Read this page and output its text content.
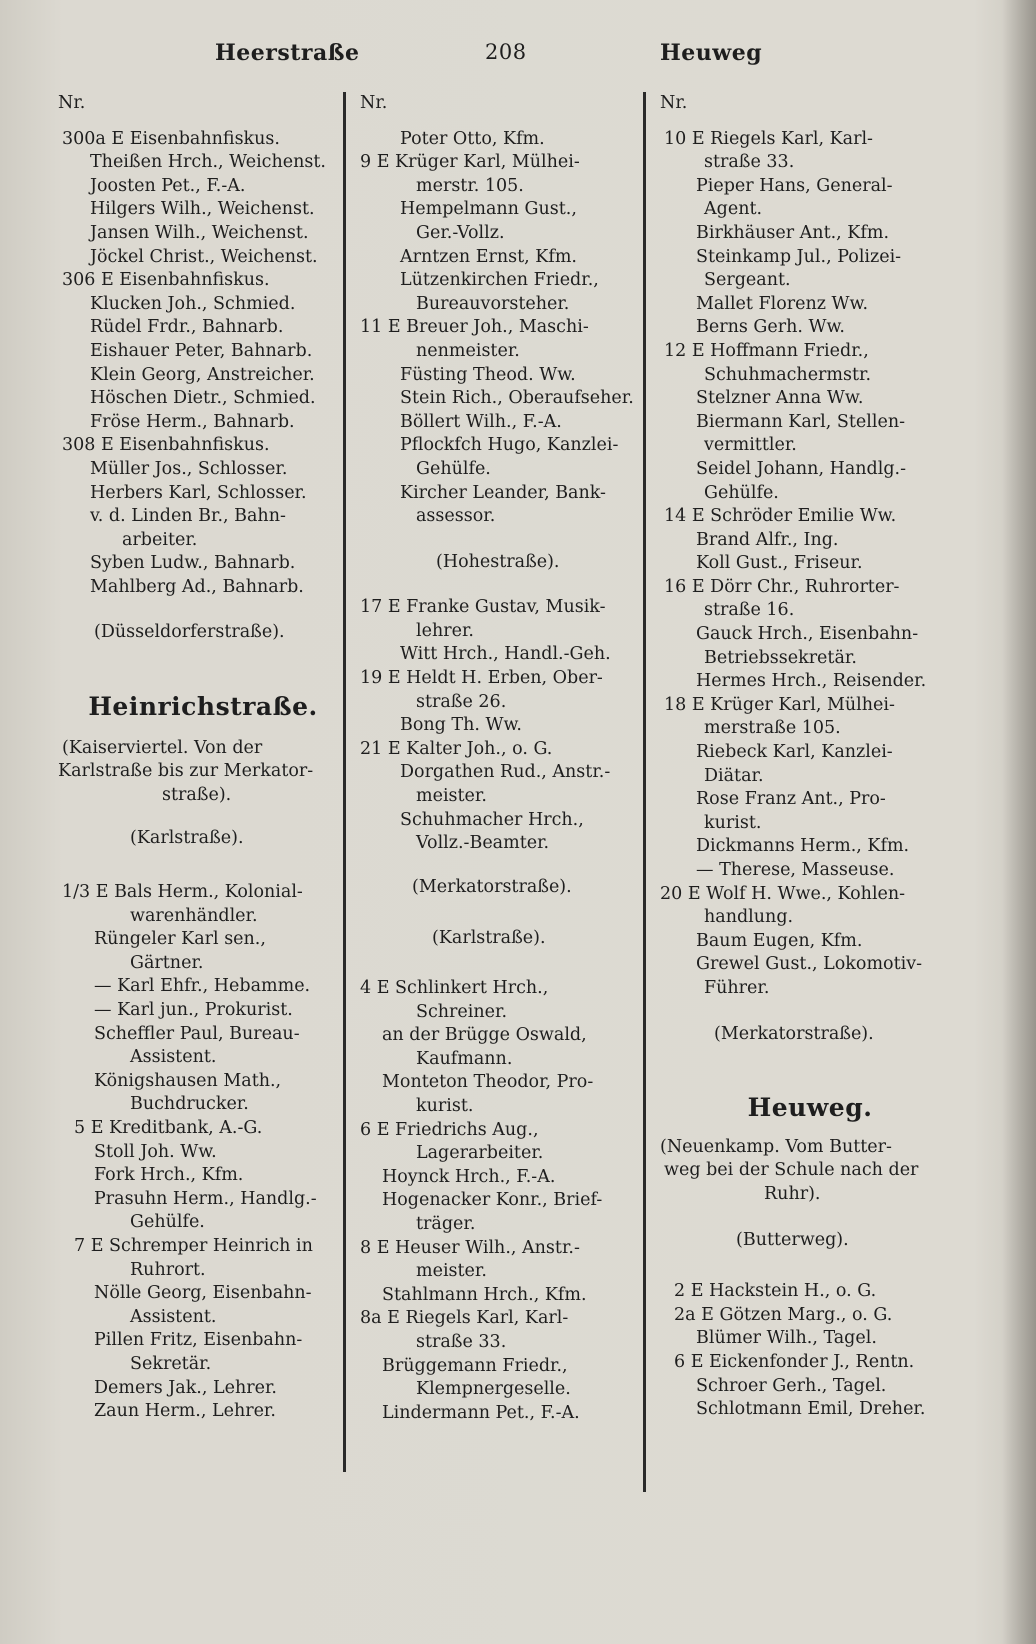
Heerstraße	208	Heuweg
Nr.
300a E Eisenbahnfiskus.
Theißen Hrch., Weichenst.
Joosten Pet., F.-A.
Hilgers Wilh., Weichenst.
Jansen Wilh., Weichenst.
Jöckel Christ., Weichenst.
306 E Eisenbahnfiskus.
Klucken Joh., Schmied.
Rüdel Frdr., Bahnarb.
Eishauer Peter, Bahnarb.
Klein Georg, Anstreicher.
Höschen Dietr., Schmied.
Fröse Herm., Bahnarb.
308 E Eisenbahnfiskus.
Müller Jos., Schlosser.
Herbers Karl, Schlosser.
v. d. Linden Br., Bahn-
arbeiter.
Syben Ludw., Bahnarb.
Mahlberg Ad., Bahnarb.
(Düsseldorferstraße).
Heinrichstraße.
(Kaiserviertel. Von der
Karlstraße bis zur Merkator-
straße).
(Karlstraße).
1/3 E Bals Herm., Kolonial-
warenhändler.
Rüngeler Karl sen.,
Gärtner.
— Karl Ehfr., Hebamme.
— Karl jun., Prokurist.
Scheffler Paul, Bureau-
Assistent.
Königshausen Math.,
Buchdrucker.
5 E Kreditbank, A.-G.
Stoll Joh. Ww.
Fork Hrch., Kfm.
Prasuhn Herm., Handlg.-
Gehülfe.
7 E Schremper Heinrich in
Ruhrort.
Nölle Georg, Eisenbahn-
Assistent.
Pillen Fritz, Eisenbahn-
Sekretär.
Demers Jak., Lehrer.
Zaun Herm., Lehrer.
Nr.
Poter Otto, Kfm.
9 E Krüger Karl, Mülhei-
merstr. 105.
Hempelmann Gust.,
Ger.-Vollz.
Arntzen Ernst, Kfm.
Lützenkirchen Friedr.,
Bureauvorsteher.
11 E Breuer Joh., Maschi-
nenmeister.
Füsting Theod. Ww.
Stein Rich., Oberaufseher.
Böllert Wilh., F.-A.
Pflockfch Hugo, Kanzlei-
Gehülfe.
Kircher Leander, Bank-
assessor.
(Hohestraße).
17 E Franke Gustav, Musik-
lehrer.
Witt Hrch., Handl.-Geh.
19 E Heldt H. Erben, Ober-
straße 26.
Bong Th. Ww.
21 E Kalter Joh., o. G.
Dorgathen Rud., Anstr.-
meister.
Schuhmacher Hrch.,
Vollz.-Beamter.
(Merkatorstraße).
(Karlstraße).
4 E Schlinkert Hrch.,
Schreiner.
an der Brügge Oswald,
Kaufmann.
Monteton Theodor, Pro-
kurist.
6 E Friedrichs Aug.,
Lagerarbeiter.
Hoynck Hrch., F.-A.
Hogenacker Konr., Brief-
träger.
8 E Heuser Wilh., Anstr.-
meister.
Stahlmann Hrch., Kfm.
8a E Riegels Karl, Karl-
straße 33.
Brüggemann Friedr.,
Klempnergeselle.
Lindermann Pet., F.-A.
Nr.
10 E Riegels Karl, Karl-
straße 33.
Pieper Hans, General-
Agent.
Birkhäuser Ant., Kfm.
Steinkamp Jul., Polizei-
Sergeant.
Mallet Florenz Ww.
Berns Gerh. Ww.
12 E Hoffmann Friedr.,
Schuhmachermstr.
Stelzner Anna Ww.
Biermann Karl, Stellen-
vermittler.
Seidel Johann, Handlg.-
Gehülfe.
14 E Schröder Emilie Ww.
Brand Alfr., Ing.
Koll Gust., Friseur.
16 E Dörr Chr., Ruhrorter-
straße 16.
Gauck Hrch., Eisenbahn-
Betriebssekretär.
Hermes Hrch., Reisender.
18 E Krüger Karl, Mülhei-
merstraße 105.
Riebeck Karl, Kanzlei-
Diätar.
Rose Franz Ant., Pro-
kurist.
Dickmanns Herm., Kfm.
— Therese, Masseuse.
20 E Wolf H. Wwe., Kohlen-
handlung.
Baum Eugen, Kfm.
Grewel Gust., Lokomotiv-
Führer.
(Merkatorstraße).
Heuweg.
(Neuenkamp. Vom Butter-
weg bei der Schule nach der
Ruhr).
(Butterweg).
2 E Hackstein H., o. G.
2a E Götzen Marg., o. G.
Blümer Wilh., Tagel.
6 E Eickenfonder J., Rentn.
Schroer Gerh., Tagel.
Schlotmann Emil, Dreher.
